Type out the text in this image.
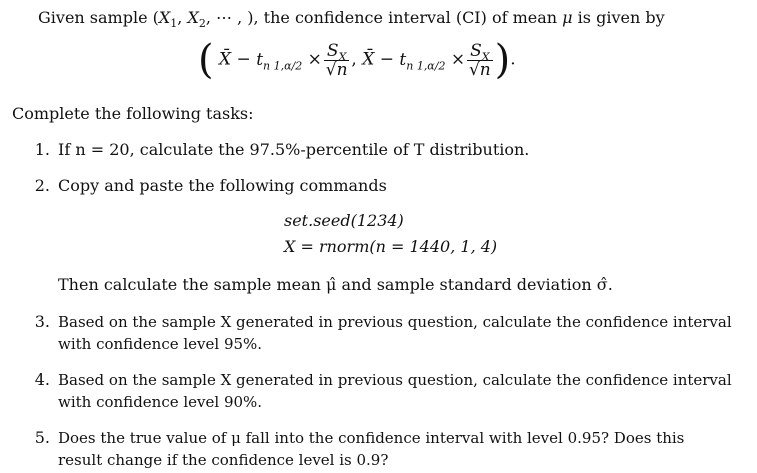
Given sample ($X_1$, $X_2$, ⋯ , ), the confidence interval (CI) of mean μ is given by
( X̄ − $t_{n 1,\alpha/2} \times \frac{S_X}{√n}$ , X̄ − $t_{n 1,\alpha/2} \times \frac{S_X}{√n}$ ).
Complete the following tasks:
1. If n = 20, calculate the 97.5%-percentile of T distribution.
2. Copy and paste the following commands
set.seed(1234)
X = rnorm(n = 1440, 1, 4)
Then calculate the sample mean μ̂ and sample standard deviation σ̂.
3. Based on the sample X generated in previous question, calculate the confidence interval
with confidence level 95%.
4. Based on the sample X generated in previous question, calculate the confidence interval
with confidence level 90%.
5. Does the true value of μ fall into the confidence interval with level 0.95? Does this
result change if the confidence level is 0.9?
